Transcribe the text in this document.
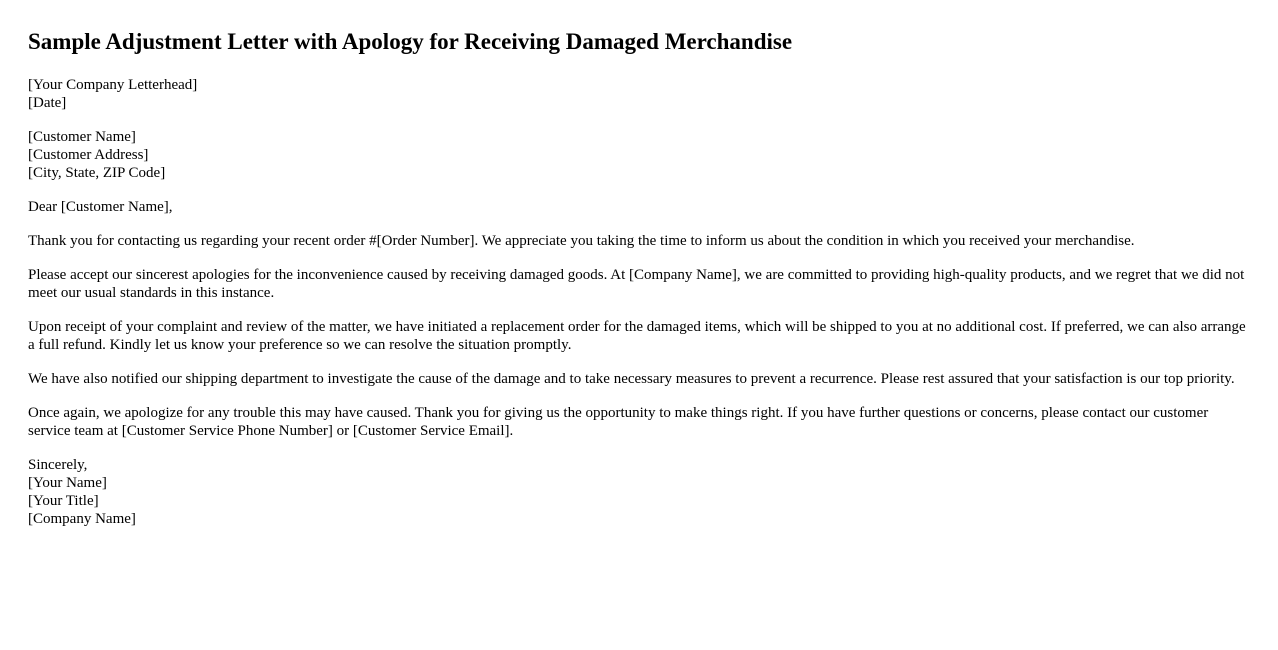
Sample Adjustment Letter with Apology for Receiving Damaged Merchandise
[Your Company Letterhead]
[Date]
[Customer Name]
[Customer Address]
[City, State, ZIP Code]

Dear [Customer Name],

Thank you for contacting us regarding your recent order #[Order Number]. We appreciate you taking the time to inform us about the condition in which you received your merchandise.

Please accept our sincerest apologies for the inconvenience caused by receiving damaged goods. At [Company Name], we are committed to providing high-quality products, and we regret that we did not meet our usual standards in this instance.

Upon receipt of your complaint and review of the matter, we have initiated a replacement order for the damaged items, which will be shipped to you at no additional cost. If preferred, we can also arrange a full refund. Kindly let us know your preference so we can resolve the situation promptly.

We have also notified our shipping department to investigate the cause of the damage and to take necessary measures to prevent a recurrence. Please rest assured that your satisfaction is our top priority.

Once again, we apologize for any trouble this may have caused. Thank you for giving us the opportunity to make things right. If you have further questions or concerns, please contact our customer service team at [Customer Service Phone Number] or [Customer Service Email].

Sincerely,
[Your Name]
[Your Title]
[Company Name]
